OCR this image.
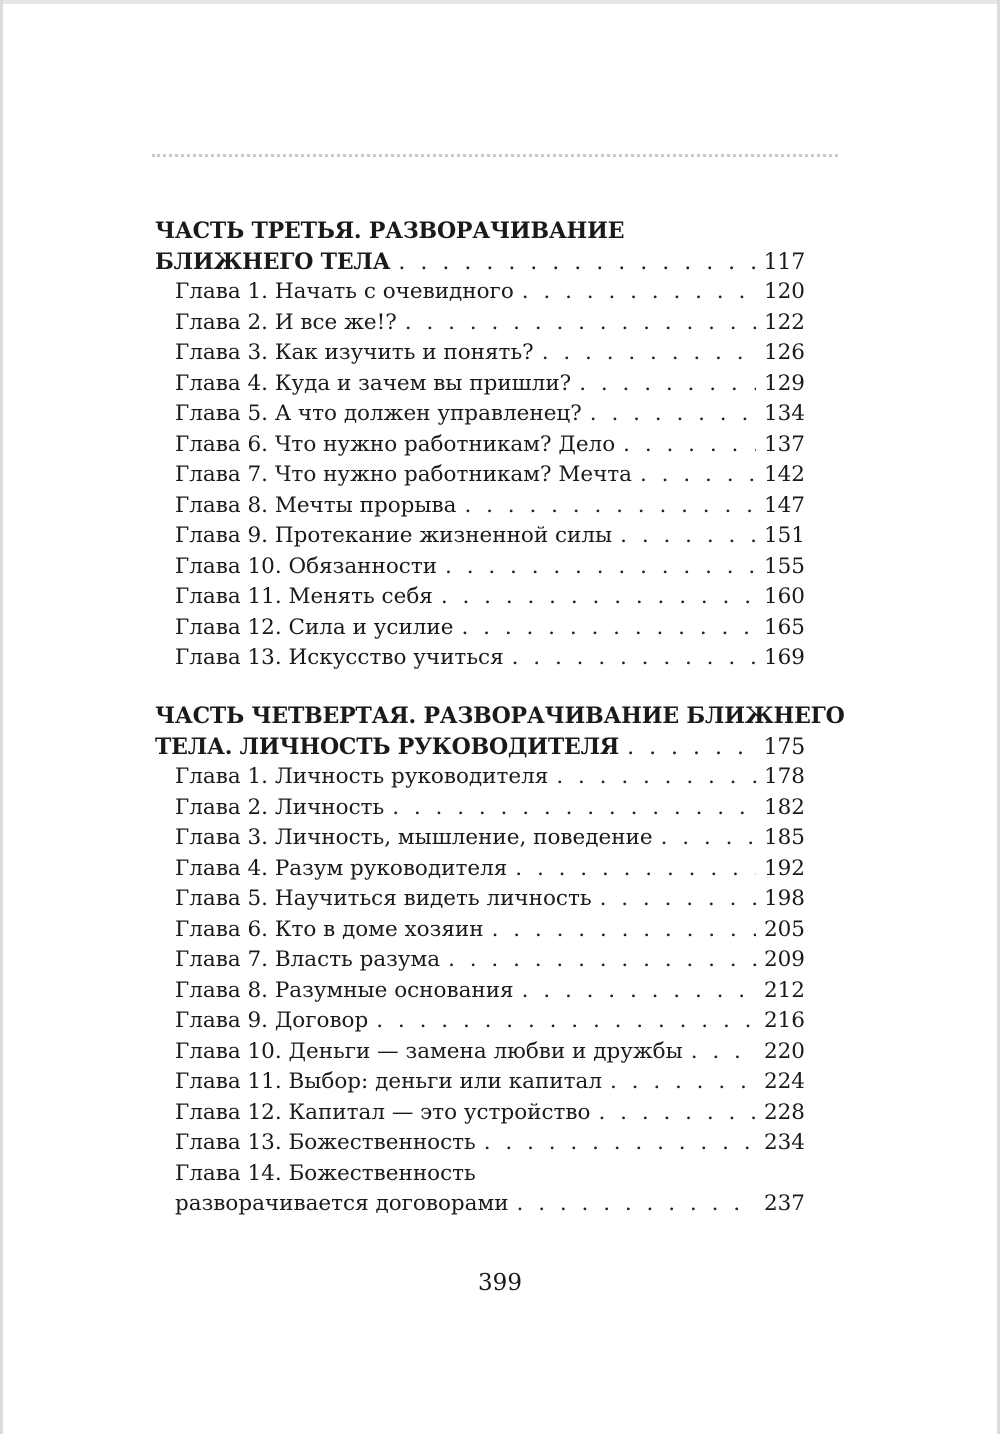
ЧАСТЬ ТРЕТЬЯ. РАЗВОРАЧИВАНИЕ
БЛИЖНЕГО ТЕЛА . . .	117
Глава 1. Начать с очевидного . . .	120
Глава 2. И все же!? . . .	122
Глава 3. Как изучить и понять? . . .	126
Глава 4. Куда и зачем вы пришли? . . .	129
Глава 5. А что должен управленец? . . .	134
Глава 6. Что нужно работникам? Дело . . .	137
Глава 7. Что нужно работникам? Мечта . . .	142
Глава 8. Мечты прорыва . . .	147
Глава 9. Протекание жизненной силы . . .	151
Глава 10. Обязанности . . .	155
Глава 11. Менять себя . . .	160
Глава 12. Сила и усилие . . .	165
Глава 13. Искусство учиться . . .	169
ЧАСТЬ ЧЕТВЕРТАЯ. РАЗВОРАЧИВАНИЕ БЛИЖНЕГО
ТЕЛА. ЛИЧНОСТЬ РУКОВОДИТЕЛЯ . . .	175
Глава 1. Личность руководителя . . .	178
Глава 2. Личность . . .	182
Глава 3. Личность, мышление, поведение . . .	185
Глава 4. Разум руководителя . . .	192
Глава 5. Научиться видеть личность . . .	198
Глава 6. Кто в доме хозяин . . .	205
Глава 7. Власть разума . . .	209
Глава 8. Разумные основания . . .	212
Глава 9. Договор . . .	216
Глава 10. Деньги — замена любви и дружбы . . .	220
Глава 11. Выбор: деньги или капитал . . .	224
Глава 12. Капитал — это устройство . . .	228
Глава 13. Божественность . . .	234
Глава 14. Божественность
разворачивается договорами . . .	237
399
